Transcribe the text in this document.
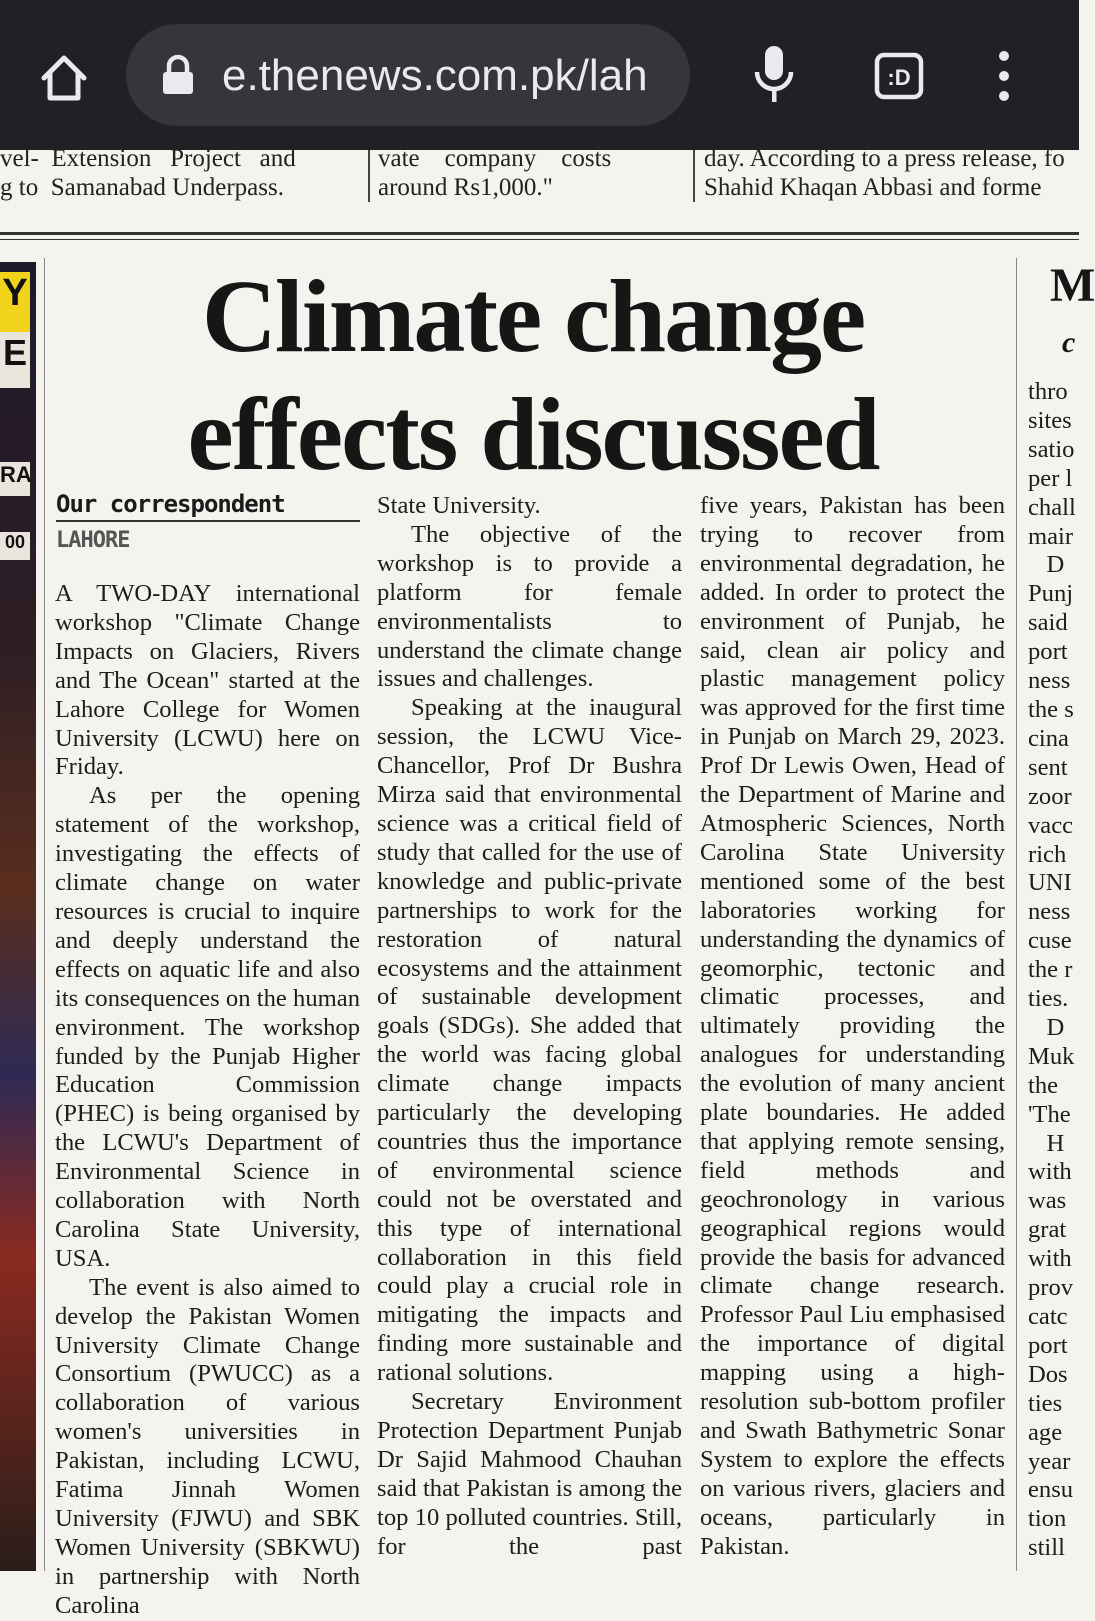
e.thenews.com.pk/lah	:D
vel-  Extension   Project   and
g to  Samanabad Underpass.
vate    company    costs
around Rs1,000."
day. According to a press release, fo
Shahid Khaqan Abbasi and forme
Y
E
RA
00
Climate change
effects discussed
Our correspondent
LAHORE

A TWO-DAY international workshop "Climate Change Impacts on Glaciers, Rivers and The Ocean" started at the Lahore College for Women University (LCWU) here on Friday.

As per the opening statement of the workshop, investigating the effects of climate change on water resources is crucial to inquire and deeply understand the effects on aquatic life and also its consequences on the human environment. The workshop funded by the Punjab Higher Education Commission (PHEC) is being organised by the LCWU's Department of Environmental Science in collaboration with North Carolina State University, USA.

The event is also aimed to develop the Pakistan Women University Climate Change Consortium (PWUCC) as a collaboration of various women's universities in Pakistan, including LCWU, Fatima Jinnah Women University (FJWU) and SBK Women University (SBKWU) in partnership with North Carolina

State University.

The objective of the workshop is to provide a platform for female environmentalists to understand the climate change issues and challenges.

Speaking at the inaugural session, the LCWU Vice-Chancellor, Prof Dr Bushra Mirza said that environmental science was a critical field of study that called for the use of knowledge and public-private partnerships to work for the restoration of natural ecosystems and the attainment of sustainable development goals (SDGs). She added that the world was facing global climate change impacts particularly the developing countries thus the importance of environmental science could not be overstated and this type of international collaboration in this field could play a crucial role in mitigating the impacts and finding more sustainable and rational solutions.

Secretary Environment Protection Department Punjab Dr Sajid Mahmood Chauhan said that Pakistan is among the top 10 polluted countries. Still, for the past

five years, Pakistan has been trying to recover from environmental degradation, he added. In order to protect the environment of Punjab, he said, clean air policy and plastic management policy was approved for the first time in Punjab on March 29, 2023. Prof Dr Lewis Owen, Head of the Department of Marine and Atmospheric Sciences, North Carolina State University mentioned some of the best laboratories working for understanding the dynamics of geomorphic, tectonic and climatic processes, and ultimately providing the analogues for understanding the evolution of many ancient plate boundaries. He added that applying remote sensing, field methods and geochronology in various geographical regions would provide the basis for advanced climate change research. Professor Paul Liu emphasised the importance of digital mapping using a high-resolution sub-bottom profiler and Swath Bathymetric Sonar System to explore the effects on various rivers, glaciers and oceans, particularly in Pakistan.

M
c
thro
sites
satio
per l
chall
mair
D
Punj
said
port
ness
the s
cina
sent
zoor
vacc
rich
UNI
ness
cuse
the r
ties.
D
Muk
the
'The
H
with
was
grat
with
prov
catc
port
Dos
ties
age
year
ensu
tion
still
